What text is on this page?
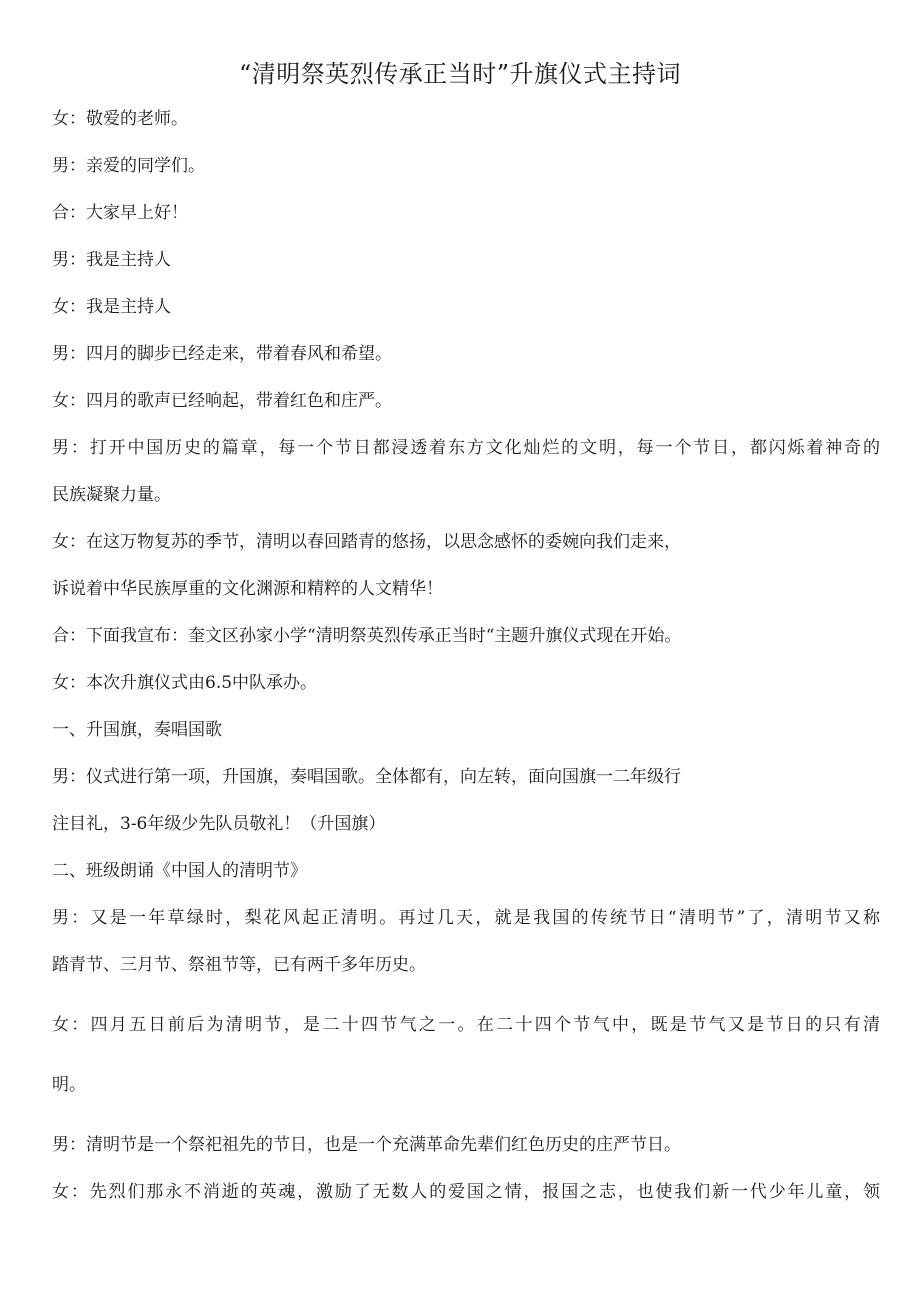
“清明祭英烈传承正当时”升旗仪式主持词
女：敬爱的老师。
男：亲爱的同学们。
合：大家早上好！
男：我是主持人
女：我是主持人
男：四月的脚步已经走来，带着春风和希望。
女：四月的歌声已经响起，带着红色和庄严。
男：打开中国历史的篇章，每一个节日都浸透着东方文化灿烂的文明，每一个节日，都闪烁着神奇的
民族凝聚力量。
女：在这万物复苏的季节，清明以春回踏青的悠扬，以思念感怀的委婉向我们走来，
诉说着中华民族厚重的文化渊源和精粹的人文精华！
合：下面我宣布：奎文区孙家小学“清明祭英烈传承正当时“主题升旗仪式现在开始。
女：本次升旗仪式由6.5中队承办。
一、升国旗，奏唱国歌
男：仪式进行第一项，升国旗，奏唱国歌。全体都有，向左转，面向国旗一二年级行
注目礼，3-6年级少先队员敬礼！（升国旗）
二、班级朗诵《中国人的清明节》
男：又是一年草绿时，梨花风起正清明。再过几天，就是我国的传统节日“清明节”了，清明节又称
踏青节、三月节、祭祖节等，已有两千多年历史。
女：四月五日前后为清明节，是二十四节气之一。在二十四个节气中，既是节气又是节日的只有清
明。
男：清明节是一个祭祀祖先的节日，也是一个充满革命先辈们红色历史的庄严节日。
女：先烈们那永不消逝的英魂，激励了无数人的爱国之情，报国之志，也使我们新一代少年儿童，领
